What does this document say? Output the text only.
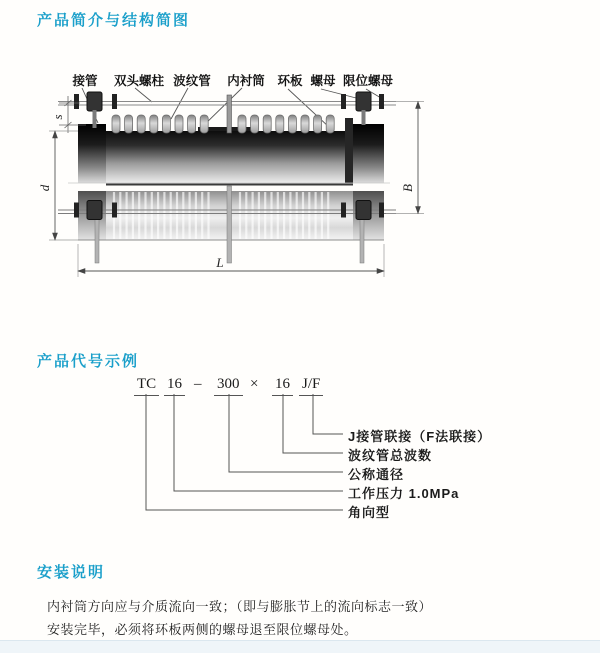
产品简介与结构简图
s
d	B
L
接管 双头螺柱 波纹管 内衬筒 环板 螺母 限位螺母
产品代号示例
TC 16 – 300 × 16 J/F
J接管联接（F法联接）
波纹管总波数
公称通径
工作压力 1.0MPa
角向型
安装说明
内衬筒方向应与介质流向一致；（即与膨胀节上的流向标志一致）
安装完毕，必须将环板两侧的螺母退至限位螺母处。
